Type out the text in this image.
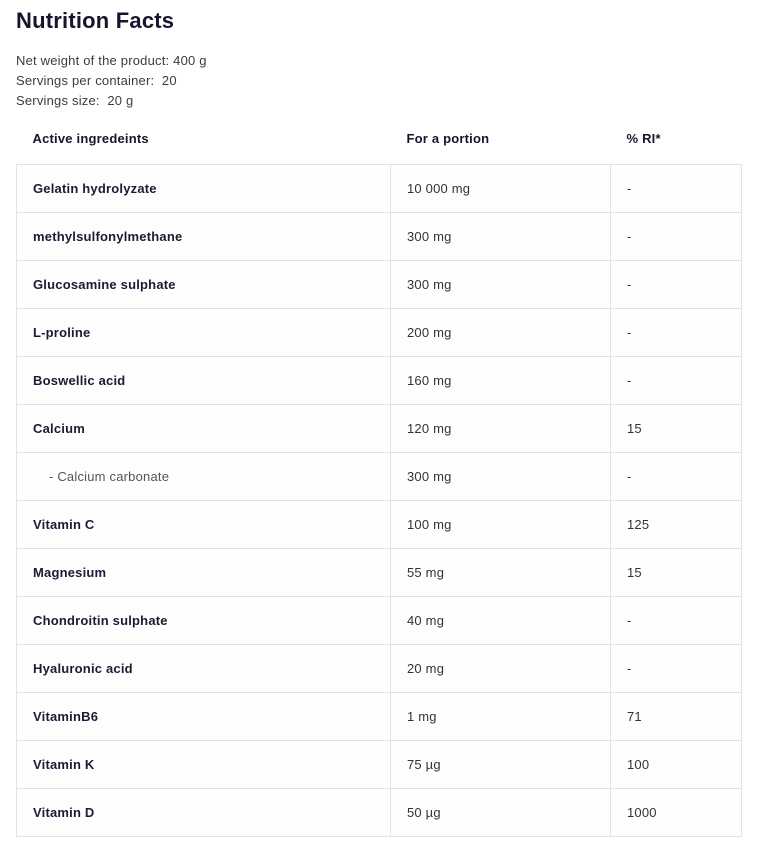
Nutrition Facts
Net weight of the product: 400 g
Servings per container:  20
Servings size:  20 g
Active ingredeints	For a portion	% RI*
Gelatin hydrolyzate	10 000 mg	-
methylsulfonylmethane	300 mg	-
Glucosamine sulphate	300 mg	-
L-proline	200 mg	-
Boswellic acid	160 mg	-
Calcium	120 mg	15
- Calcium carbonate	300 mg	-
Vitamin C	100 mg	125
Magnesium	55 mg	15
Chondroitin sulphate	40 mg	-
Hyaluronic acid	20 mg	-
VitaminB6	1 mg	71
Vitamin K	75 µg	100
Vitamin D	50 µg	1000
